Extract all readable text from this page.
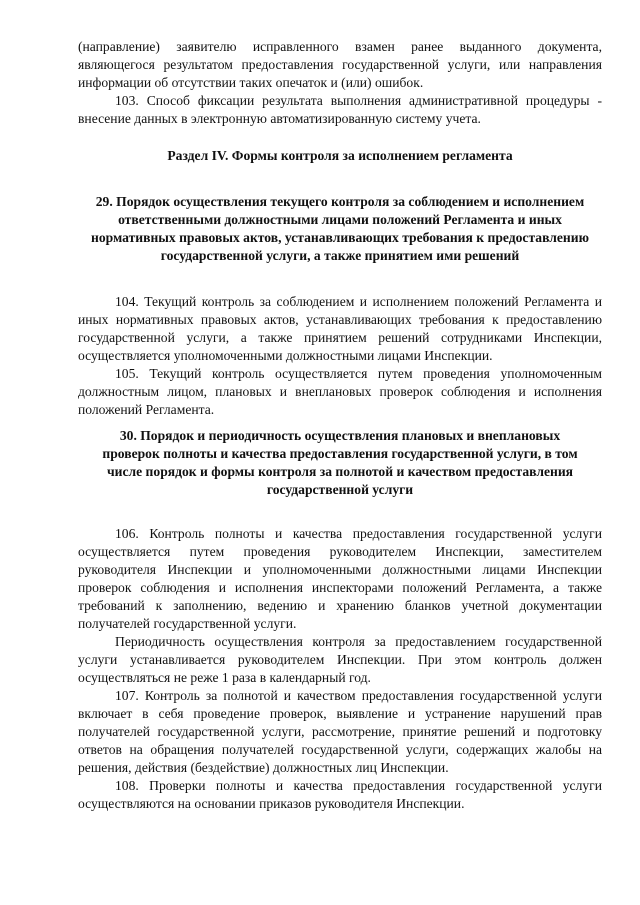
(направление) заявителю исправленного взамен ранее выданного документа, являющегося результатом предоставления государственной услуги, или направления информации об отсутствии таких опечаток и (или) ошибок.

103. Способ фиксации результата выполнения административной процедуры - внесение данных в электронную автоматизированную систему учета.

Раздел IV. Формы контроля за исполнением регламента

29. Порядок осуществления текущего контроля за соблюдением и исполнением ответственными должностными лицами положений Регламента и иных нормативных правовых актов, устанавливающих требования к предоставлению государственной услуги, а также принятием ими решений

104. Текущий контроль за соблюдением и исполнением положений Регламента и иных нормативных правовых актов, устанавливающих требования к предоставлению государственной услуги, а также принятием решений сотрудниками Инспекции, осуществляется уполномоченными должностными лицами Инспекции.

105. Текущий контроль осуществляется путем проведения уполномоченным должностным лицом, плановых и внеплановых проверок соблюдения и исполнения положений Регламента.

30. Порядок и периодичность осуществления плановых и внеплановых проверок полноты и качества предоставления государственной услуги, в том числе порядок и формы контроля за полнотой и качеством предоставления государственной услуги

106. Контроль полноты и качества предоставления государственной услуги осуществляется путем проведения руководителем Инспекции, заместителем руководителя Инспекции и уполномоченными должностными лицами Инспекции проверок соблюдения и исполнения инспекторами положений Регламента, а также требований к заполнению, ведению и хранению бланков учетной документации получателей государственной услуги.

Периодичность осуществления контроля за предоставлением государственной услуги устанавливается руководителем Инспекции. При этом контроль должен осуществляться не реже 1 раза в календарный год.

107. Контроль за полнотой и качеством предоставления государственной услуги включает в себя проведение проверок, выявление и устранение нарушений прав получателей государственной услуги, рассмотрение, принятие решений и подготовку ответов на обращения получателей государственной услуги, содержащих жалобы на решения, действия (бездействие) должностных лиц Инспекции.

108. Проверки полноты и качества предоставления государственной услуги осуществляются на основании приказов руководителя Инспекции.
